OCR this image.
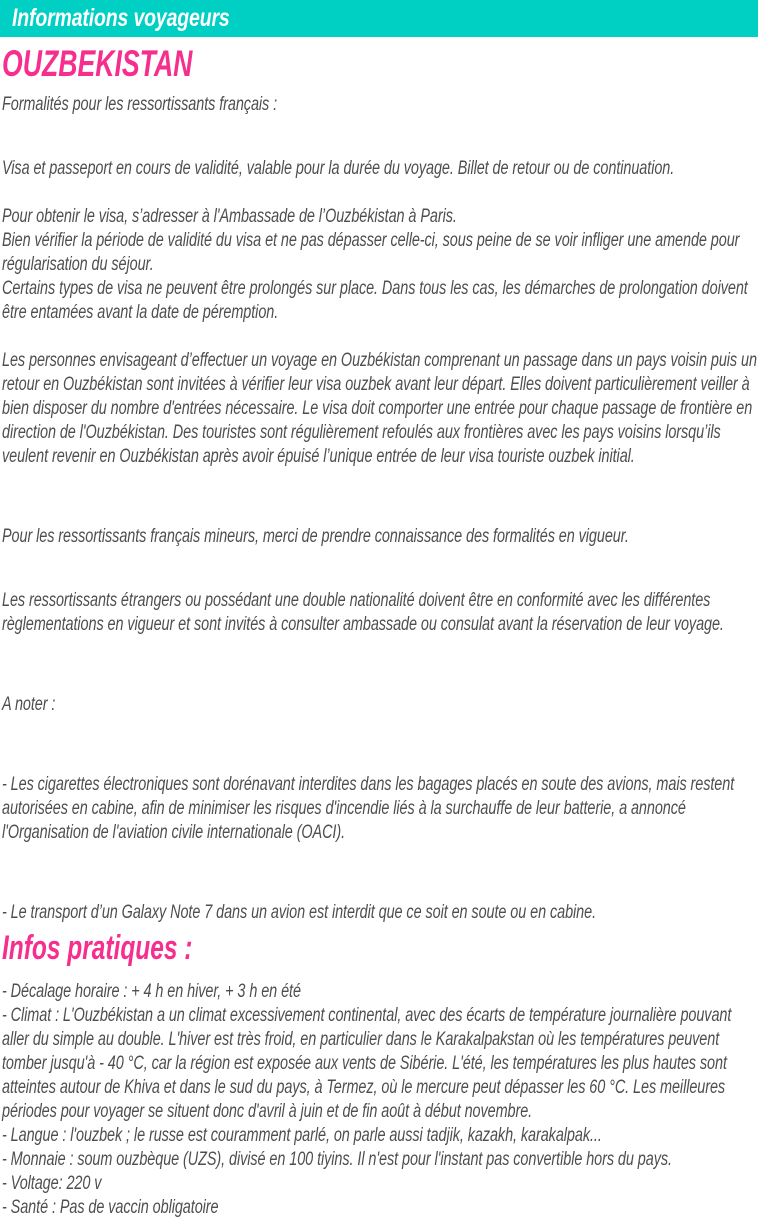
Informations voyageurs
OUZBEKISTAN

Formalités pour les ressortissants français :

Visa et passeport en cours de validité, valable pour la durée du voyage. Billet de retour ou de continuation.

Pour obtenir le visa, s’adresser à l'Ambassade de l’Ouzbékistan à Paris.

Bien vérifier la période de validité du visa et ne pas dépasser celle-ci, sous peine de se voir infliger une amende pour régularisation du séjour.

Certains types de visa ne peuvent être prolongés sur place. Dans tous les cas, les démarches de prolongation doivent être entamées avant la date de péremption.

Les personnes envisageant d’effectuer un voyage en Ouzbékistan comprenant un passage dans un pays voisin puis un retour en Ouzbékistan sont invitées à vérifier leur visa ouzbek avant leur départ. Elles doivent particulièrement veiller à bien disposer du nombre d'entrées nécessaire. Le visa doit comporter une entrée pour chaque passage de frontière en direction de l'Ouzbékistan. Des touristes sont régulièrement refoulés aux frontières avec les pays voisins lorsqu’ils veulent revenir en Ouzbékistan après avoir épuisé l’unique entrée de leur visa touriste ouzbek initial.

Pour les ressortissants français mineurs, merci de prendre connaissance des formalités en vigueur.

Les ressortissants étrangers ou possédant une double nationalité doivent être en conformité avec les différentes règlementations en vigueur et sont invités à consulter ambassade ou consulat avant la réservation de leur voyage.

A noter :

- Les cigarettes électroniques sont dorénavant interdites dans les bagages placés en soute des avions, mais restent autorisées en cabine, afin de minimiser les risques d'incendie liés à la surchauffe de leur batterie, a annoncé l'Organisation de l'aviation civile internationale (OACI).

- Le transport d’un Galaxy Note 7 dans un avion est interdit que ce soit en soute ou en cabine.

Infos pratiques :

- Décalage horaire : + 4 h en hiver, + 3 h en été

- Climat : L'Ouzbékistan a un climat excessivement continental, avec des écarts de température journalière pouvant aller du simple au double. L'hiver est très froid, en particulier dans le Karakalpakstan où les températures peuvent tomber jusqu'à - 40 °C, car la région est exposée aux vents de Sibérie. L'été, les températures les plus hautes sont atteintes autour de Khiva et dans le sud du pays, à Termez, où le mercure peut dépasser les 60 °C. Les meilleures périodes pour voyager se situent donc d'avril à juin et de fin août à début novembre.

- Langue : l'ouzbek ; le russe est couramment parlé, on parle aussi tadjik, kazakh, karakalpak...

- Monnaie : soum ouzbèque (UZS), divisé en 100 tiyins. Il n'est pour l'instant pas convertible hors du pays.

- Voltage: 220 v

- Santé : Pas de vaccin obligatoire
